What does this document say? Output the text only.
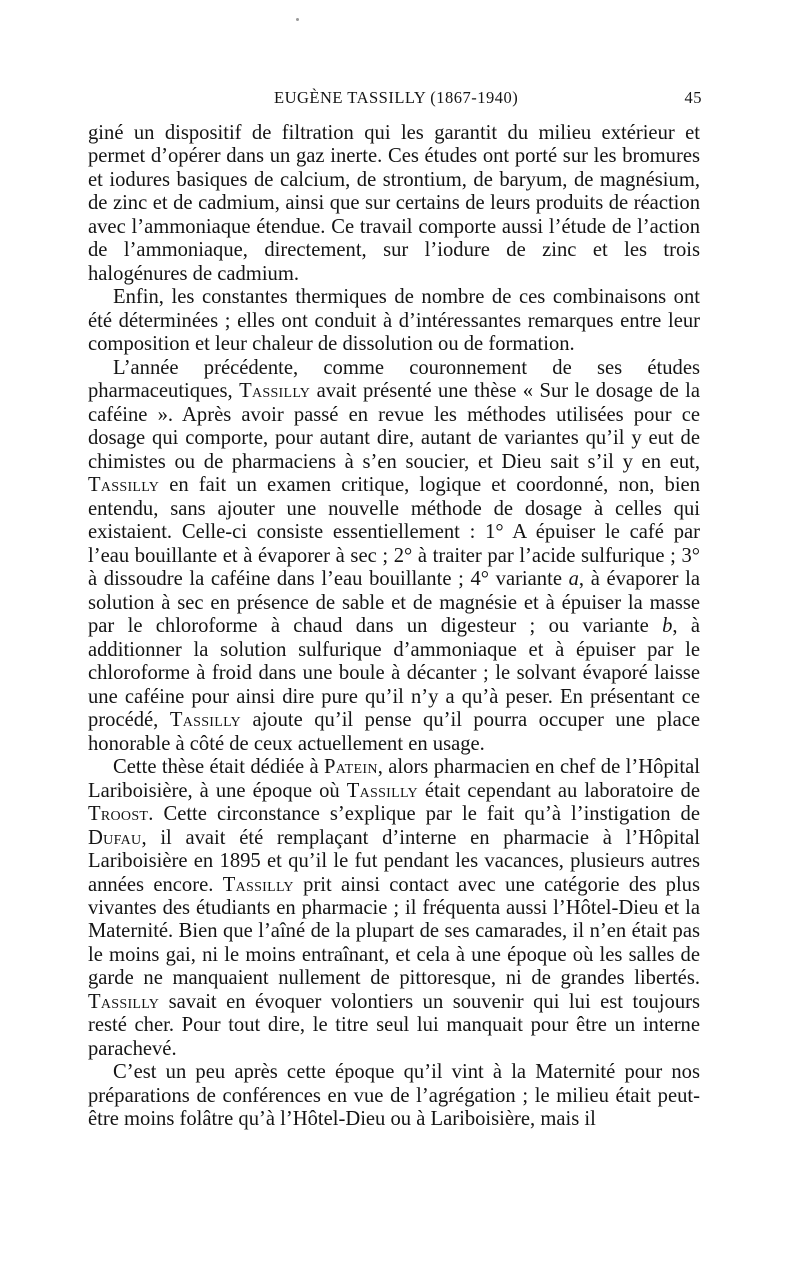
EUGÈNE TASSILLY (1867-1940)	45

giné un dispositif de filtration qui les garantit du milieu extérieur et permet d’opérer dans un gaz inerte. Ces études ont porté sur les bromures et iodures basiques de calcium, de strontium, de baryum, de magnésium, de zinc et de cadmium, ainsi que sur certains de leurs produits de réaction avec l’ammoniaque étendue. Ce travail comporte aussi l’étude de l’action de l’ammoniaque, directement, sur l’iodure de zinc et les trois halogénures de cadmium.

Enfin, les constantes thermiques de nombre de ces combinaisons ont été déterminées ; elles ont conduit à d’intéressantes remarques entre leur composition et leur chaleur de dissolution ou de formation.

L’année précédente, comme couronnement de ses études pharmaceutiques, Tassilly avait présenté une thèse « Sur le dosage de la caféine ». Après avoir passé en revue les méthodes utilisées pour ce dosage qui comporte, pour autant dire, autant de variantes qu’il y eut de chimistes ou de pharmaciens à s’en soucier, et Dieu sait s’il y en eut, Tassilly en fait un examen critique, logique et coordonné, non, bien entendu, sans ajouter une nouvelle méthode de dosage à celles qui existaient. Celle-ci consiste essentiellement : 1° A épuiser le café par l’eau bouillante et à évaporer à sec ; 2° à traiter par l’acide sulfurique ; 3° à dissoudre la caféine dans l’eau bouillante ; 4° variante a, à évaporer la solution à sec en présence de sable et de magnésie et à épuiser la masse par le chloroforme à chaud dans un digesteur ; ou variante b, à additionner la solution sulfurique d’ammoniaque et à épuiser par le chloroforme à froid dans une boule à décanter ; le solvant évaporé laisse une caféine pour ainsi dire pure qu’il n’y a qu’à peser. En présentant ce procédé, Tassilly ajoute qu’il pense qu’il pourra occuper une place honorable à côté de ceux actuellement en usage.

Cette thèse était dédiée à Patein, alors pharmacien en chef de l’Hôpital Lariboisière, à une époque où Tassilly était cependant au laboratoire de Troost. Cette circonstance s’explique par le fait qu’à l’instigation de Dufau, il avait été remplaçant d’interne en pharmacie à l’Hôpital Lariboisière en 1895 et qu’il le fut pendant les vacances, plusieurs autres années encore. Tassilly prit ainsi contact avec une catégorie des plus vivantes des étudiants en pharmacie ; il fréquenta aussi l’Hôtel-Dieu et la Maternité. Bien que l’aîné de la plupart de ses camarades, il n’en était pas le moins gai, ni le moins entraînant, et cela à une époque où les salles de garde ne manquaient nullement de pittoresque, ni de grandes libertés. Tassilly savait en évoquer volontiers un souvenir qui lui est toujours resté cher. Pour tout dire, le titre seul lui manquait pour être un interne parachevé.

C’est un peu après cette époque qu’il vint à la Maternité pour nos préparations de conférences en vue de l’agrégation ; le milieu était peut-être moins folâtre qu’à l’Hôtel-Dieu ou à Lariboisière, mais il
